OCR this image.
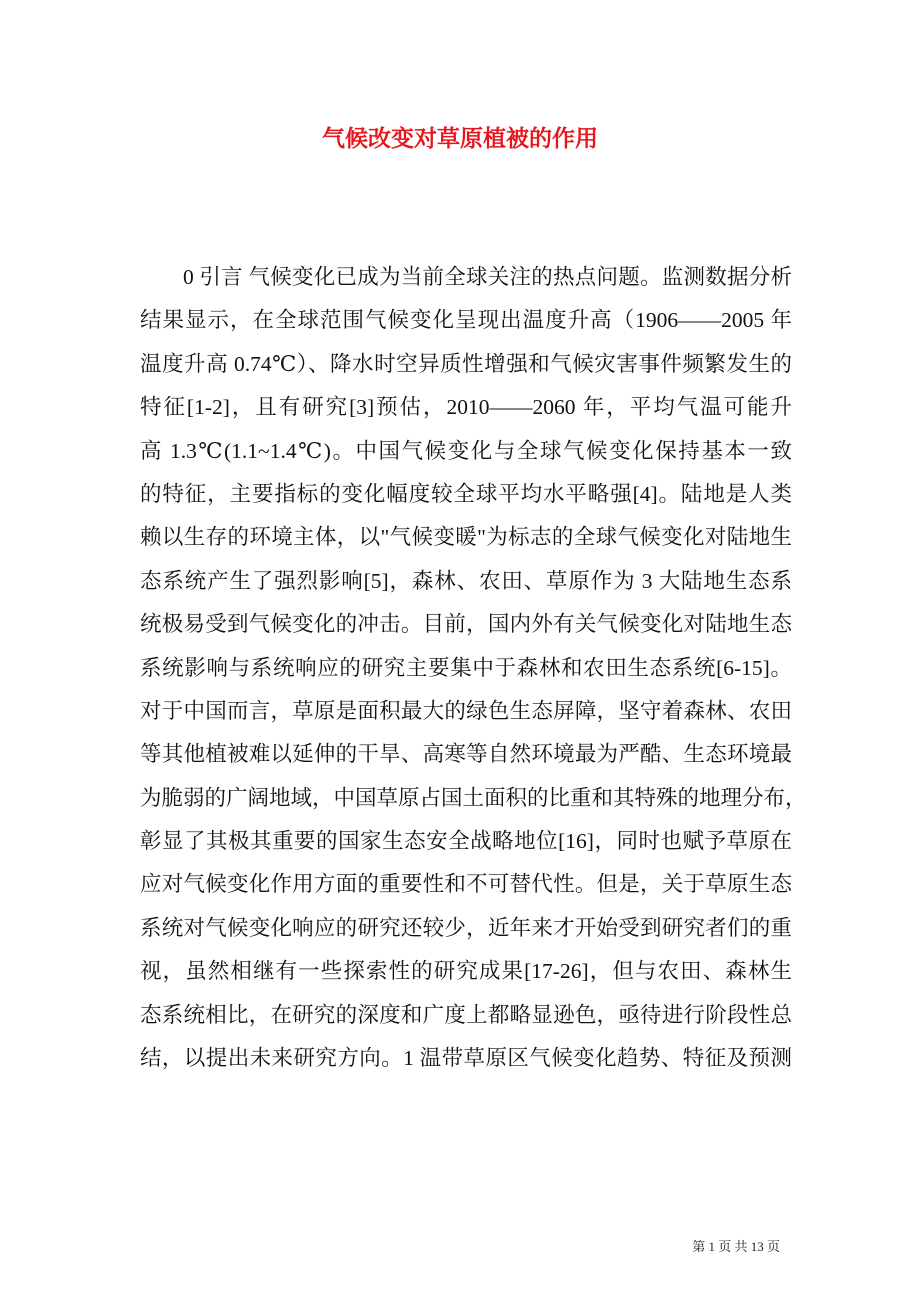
气候改变对草原植被的作用
0 引言 气候变化已成为当前全球关注的热点问题。监测数据分析
结果显示，在全球范围气候变化呈现出温度升高（1906——2005 年
温度升高 0.74℃）、降水时空异质性增强和气候灾害事件频繁发生的
特征[1-2]，且有研究[3]预估，2010——2060 年，平均气温可能升
高 1.3℃(1.1~1.4℃)。中国气候变化与全球气候变化保持基本一致
的特征，主要指标的变化幅度较全球平均水平略强[4]。陆地是人类
赖以生存的环境主体，以"气候变暖"为标志的全球气候变化对陆地生
态系统产生了强烈影响[5]，森林、农田、草原作为 3 大陆地生态系
统极易受到气候变化的冲击。目前，国内外有关气候变化对陆地生态
系统影响与系统响应的研究主要集中于森林和农田生态系统[6-15]。
对于中国而言，草原是面积最大的绿色生态屏障，坚守着森林、农田
等其他植被难以延伸的干旱、高寒等自然环境最为严酷、生态环境最
为脆弱的广阔地域，中国草原占国土面积的比重和其特殊的地理分布，
彰显了其极其重要的国家生态安全战略地位[16]，同时也赋予草原在
应对气候变化作用方面的重要性和不可替代性。但是，关于草原生态
系统对气候变化响应的研究还较少，近年来才开始受到研究者们的重
视，虽然相继有一些探索性的研究成果[17-26]，但与农田、森林生
态系统相比，在研究的深度和广度上都略显逊色，亟待进行阶段性总
结，以提出未来研究方向。1 温带草原区气候变化趋势、特征及预测
第 1 页 共 13 页
